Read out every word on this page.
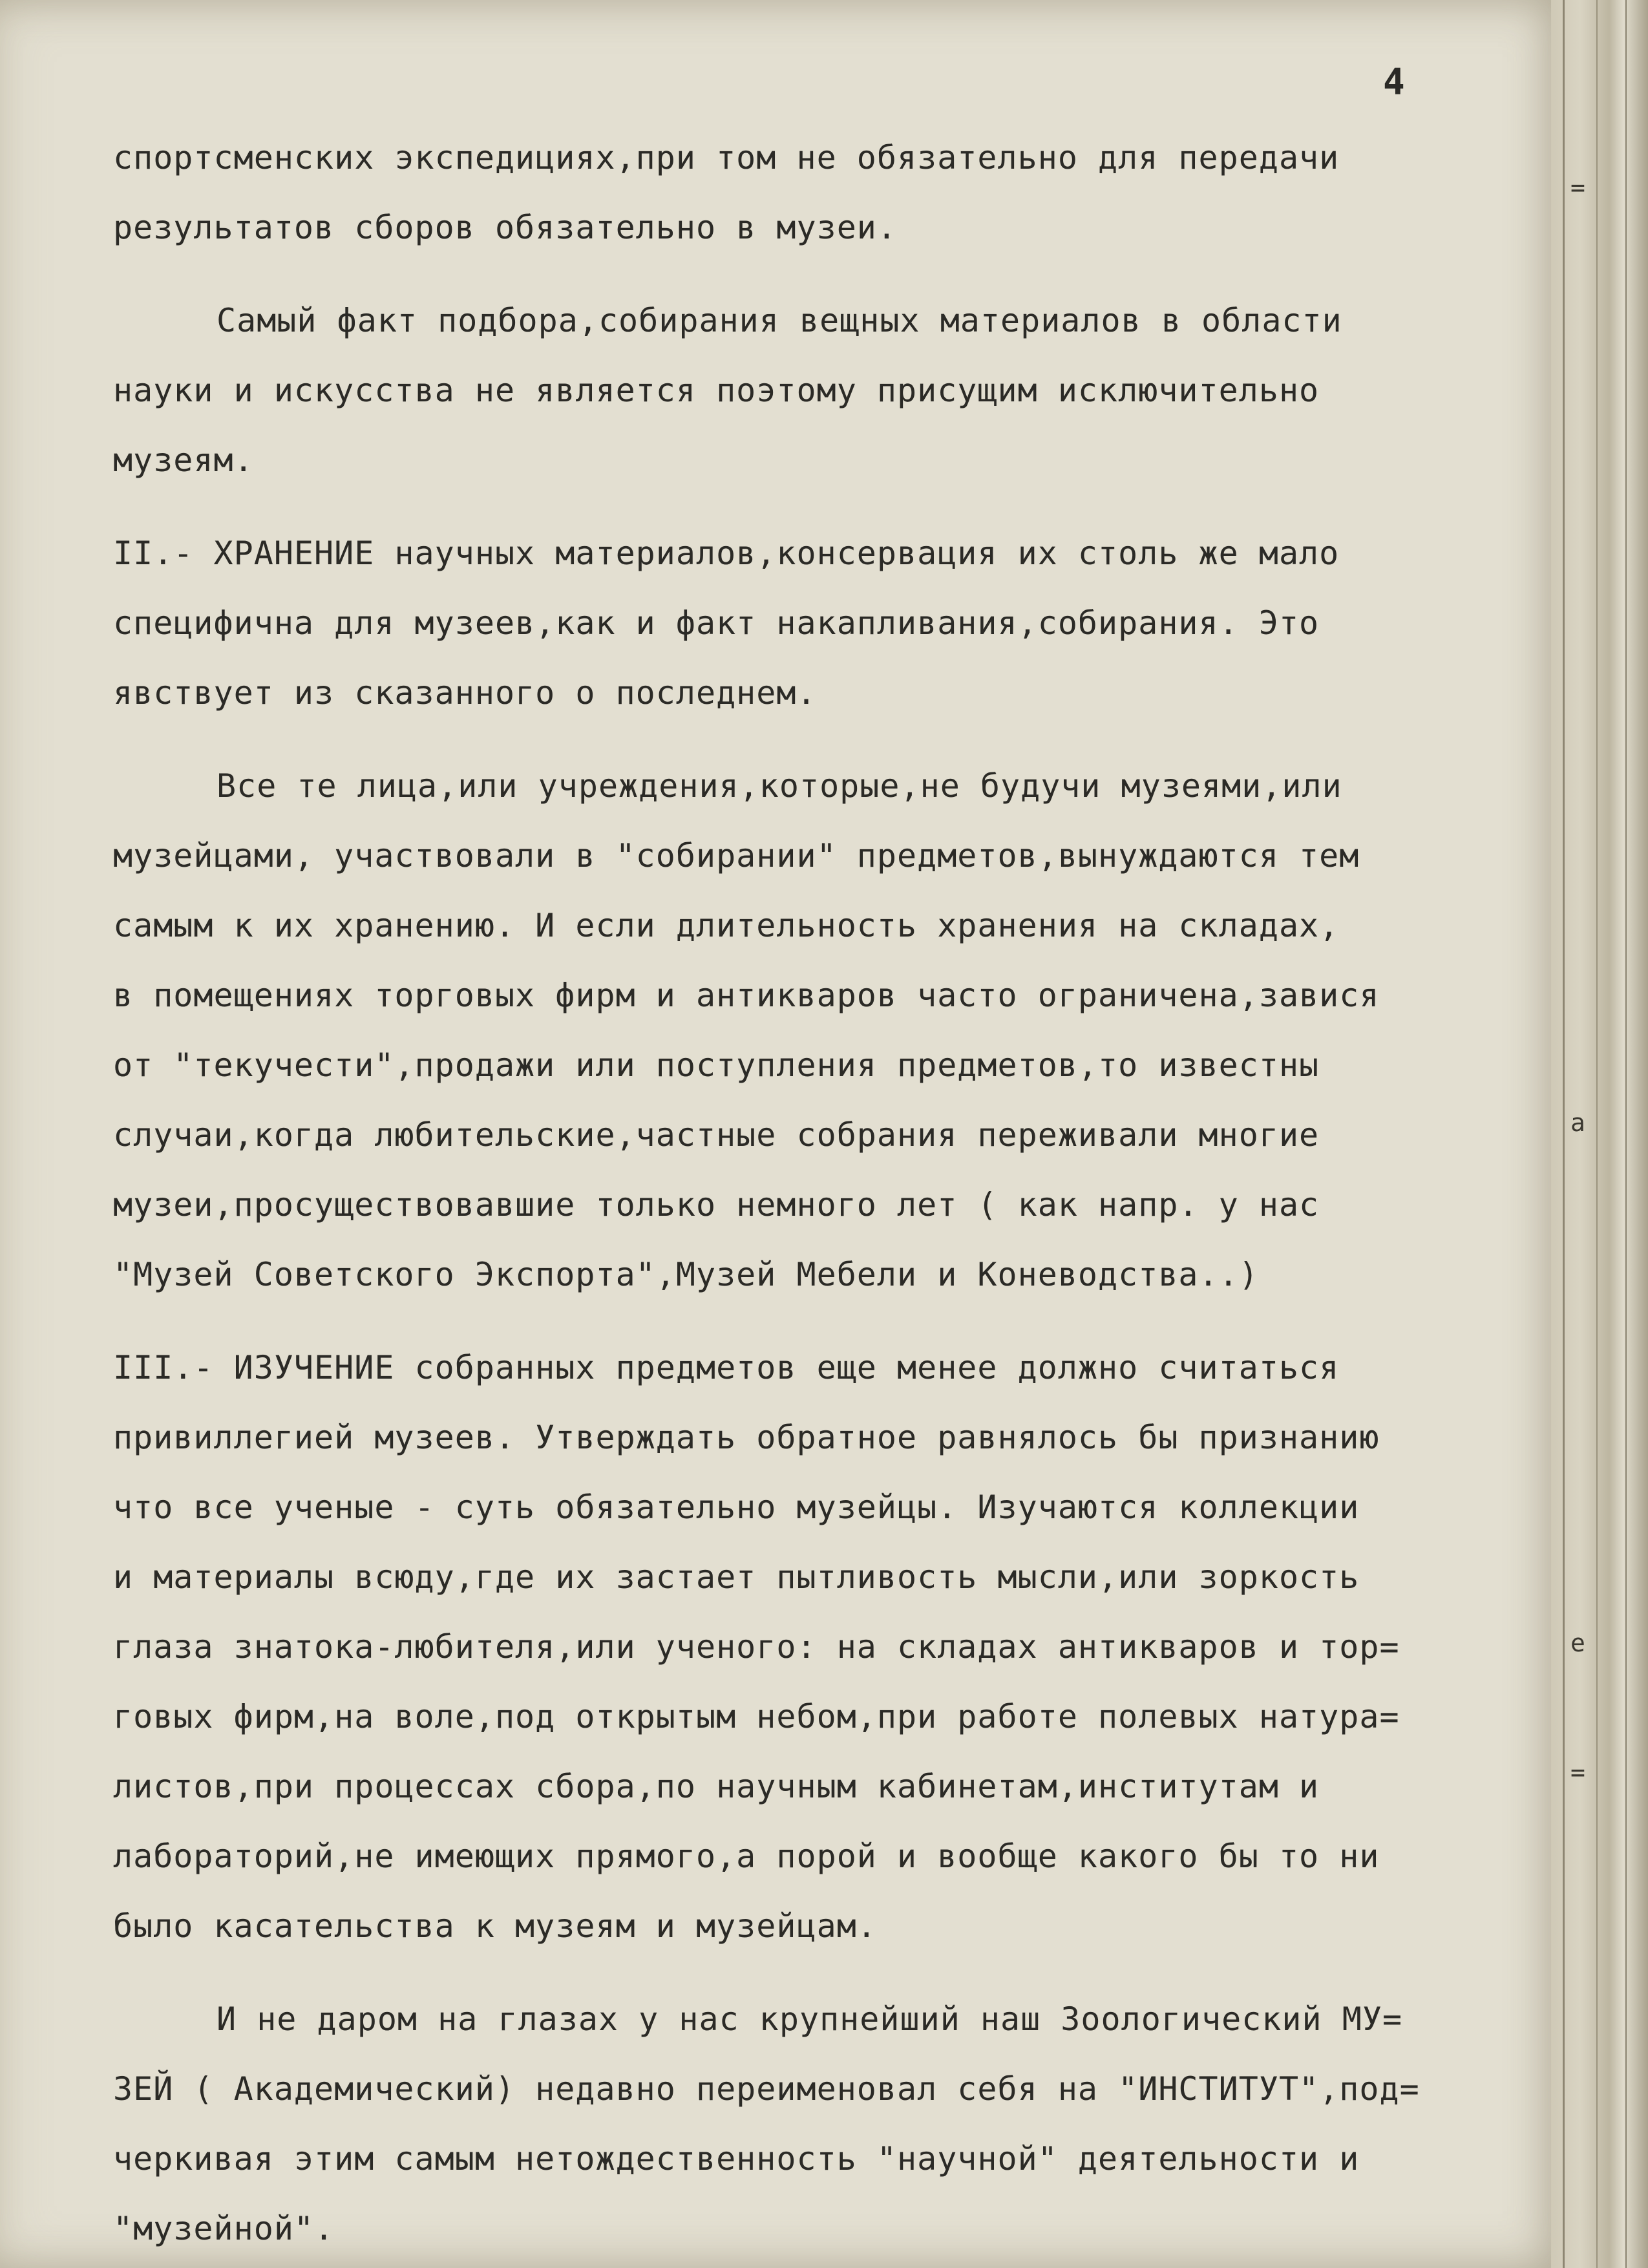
=
а
=
е
4
спортсменских экспедициях,при том не обязательно для передачи
результатов сборов обязательно в музеи.
Самый факт подбора,собирания вещных материалов в области
науки и искусства не является поэтому присущим исключительно
музеям.
II.- ХРАНЕНИЕ научных материалов,консервация их столь же мало
специфична для музеев,как и факт накапливания,собирания. Это
явствует из сказанного о последнем.
Все те лица,или учреждения,которые,не будучи музеями,или
музейцами, участвовали в "собирании" предметов,вынуждаются тем
самым к их хранению. И если длительность хранения на складах,
в помещениях торговых фирм и антикваров часто ограничена,завися
от "текучести",продажи или поступления предметов,то известны
случаи,когда любительские,частные собрания переживали многие
музеи,просуществовавшие только немного лет ( как напр. у нас
"Музей Советского Экспорта",Музей Мебели и Коневодства..)
III.- ИЗУЧЕНИЕ собранных предметов еще менее должно считаться
привиллегией музеев. Утверждать обратное равнялось бы признанию
что все ученые - суть обязательно музейцы. Изучаются коллекции
и материалы всюду,где их застает пытливость мысли,или зоркость
глаза знатока-любителя,или ученого: на складах антикваров и тор=
говых фирм,на воле,под открытым небом,при работе полевых натура=
листов,при процессах сбора,по научным кабинетам,институтам и
лабораторий,не имеющих прямого,а порой и вообще какого бы то ни
было касательства к музеям и музейцам.
И не даром на глазах у нас крупнейший наш Зоологический МУ=
ЗЕЙ ( Академический) недавно переименовал себя на "ИНСТИТУТ",под=
черкивая этим самым нетождественность "научной" деятельности и
"музейной".
